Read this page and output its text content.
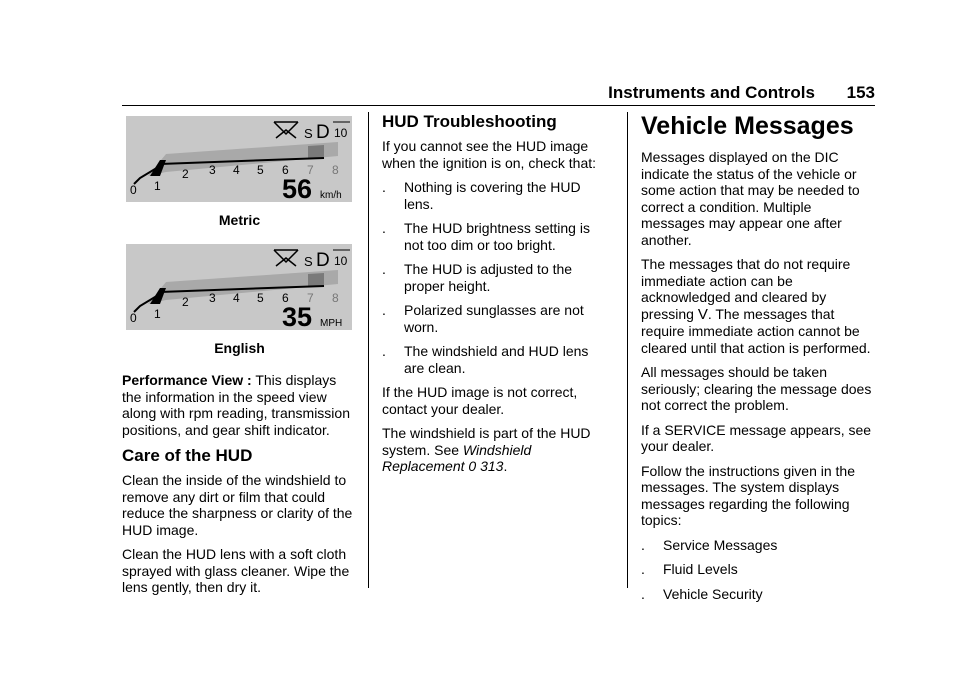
Instruments and Controls 153
0 1
2 3 4 5 6 7 8
S D 10
56 km/h
Metric
0 1
2 3 4 5 6 7 8
S D 10
35 MPH
English

Performance View : This displays the information in the speed view along with rpm reading, transmission positions, and gear shift indicator.

Care of the HUD

Clean the inside of the windshield to remove any dirt or film that could reduce the sharpness or clarity of the HUD image.

Clean the HUD lens with a soft cloth sprayed with glass cleaner. Wipe the lens gently, then dry it.

HUD Troubleshooting

If you cannot see the HUD image when the ignition is on, check that:

.	Nothing is covering the HUD lens.
.	The HUD brightness setting is not too dim or too bright.
.	The HUD is adjusted to the proper height.
.	Polarized sunglasses are not worn.
.	The windshield and HUD lens are clean.

If the HUD image is not correct, contact your dealer.

The windshield is part of the HUD system. See Windshield Replacement 0 313.

Vehicle Messages

Messages displayed on the DIC indicate the status of the vehicle or some action that may be needed to correct a condition. Multiple messages may appear one after another.

The messages that do not require immediate action can be acknowledged and cleared by pressing V. The messages that require immediate action cannot be cleared until that action is performed.

All messages should be taken seriously; clearing the message does not correct the problem.

If a SERVICE message appears, see your dealer.

Follow the instructions given in the messages. The system displays messages regarding the following topics:

.	Service Messages
.	Fluid Levels
.	Vehicle Security
